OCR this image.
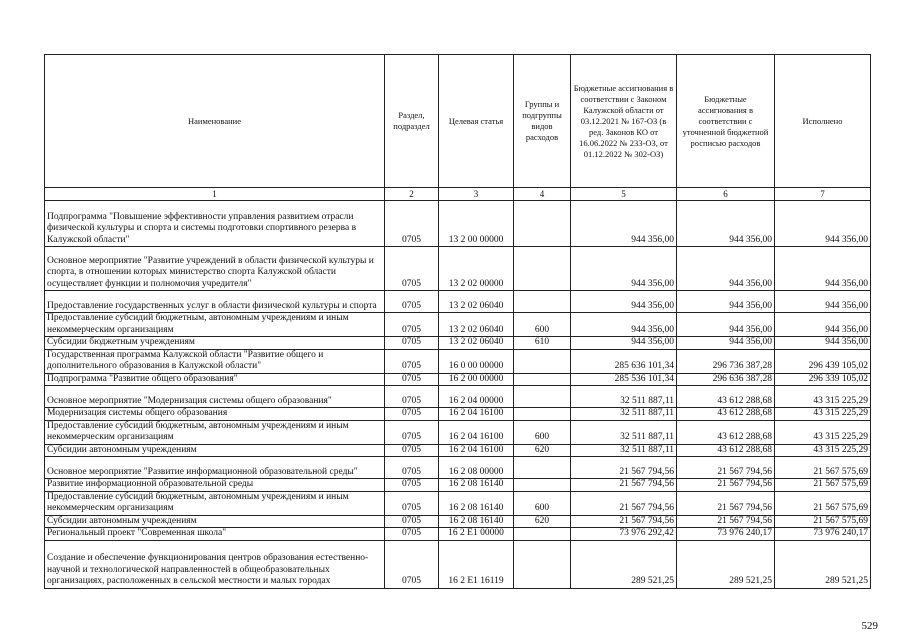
Наименование	Раздел, подраздел	Целевая статья	Группы и подгруппы видов расходов	Бюджетные ассигнования в соответствии с Законом Калужской области от 03.12.2021 № 167-ОЗ (в ред. Законов КО от 16.06.2022 № 233-ОЗ, от 01.12.2022 № 302-ОЗ)	Бюджетные ассигнования в соответствии с уточненной бюджетной росписью расходов	Исполнено
1	2	3	4	5	6	7
Подпрограмма "Повышение эффективности управления развитием отрасли физической культуры и спорта и системы подготовки спортивного резерва в Калужской области"	0705	13 2 00 00000		944 356,00	944 356,00	944 356,00
Основное мероприятие "Развитие учреждений в области физической культуры и спорта, в отношении которых министерство спорта Калужской области осуществляет функции и полномочия учредителя"	0705	13 2 02 00000		944 356,00	944 356,00	944 356,00
Предоставление государственных услуг в области физической культуры и спорта	0705	13 2 02 06040		944 356,00	944 356,00	944 356,00
Предоставление субсидий бюджетным, автономным учреждениям и иным некоммерческим организациям	0705	13 2 02 06040	600	944 356,00	944 356,00	944 356,00
Субсидии бюджетным учреждениям	0705	13 2 02 06040	610	944 356,00	944 356,00	944 356,00
Государственная программа Калужской области "Развитие общего и дополнительного образования в Калужской области"	0705	16 0 00 00000		285 636 101,34	296 736 387,28	296 439 105,02
Подпрограмма "Развитие общего образования"	0705	16 2 00 00000		285 536 101,34	296 636 387,28	296 339 105,02
Основное мероприятие "Модернизация системы общего образования"	0705	16 2 04 00000		32 511 887,11	43 612 288,68	43 315 225,29
Модернизация системы общего образования	0705	16 2 04 16100		32 511 887,11	43 612 288,68	43 315 225,29
Предоставление субсидий бюджетным, автономным учреждениям и иным некоммерческим организациям	0705	16 2 04 16100	600	32 511 887,11	43 612 288,68	43 315 225,29
Субсидии автономным учреждениям	0705	16 2 04 16100	620	32 511 887,11	43 612 288,68	43 315 225,29
Основное мероприятие "Развитие информационной образовательной среды"	0705	16 2 08 00000		21 567 794,56	21 567 794,56	21 567 575,69
Развитие информационной образовательной среды	0705	16 2 08 16140		21 567 794,56	21 567 794,56	21 567 575,69
Предоставление субсидий бюджетным, автономным учреждениям и иным некоммерческим организациям	0705	16 2 08 16140	600	21 567 794,56	21 567 794,56	21 567 575,69
Субсидии автономным учреждениям	0705	16 2 08 16140	620	21 567 794,56	21 567 794,56	21 567 575,69
Региональный проект "Современная школа"	0705	16 2 E1 00000		73 976 292,42	73 976 240,17	73 976 240,17
Создание и обеспечение функционирования центров образования естественно-научной и технологической направленностей в общеобразовательных организациях, расположенных в сельской местности и малых городах	0705	16 2 E1 16119		289 521,25	289 521,25	289 521,25
529
